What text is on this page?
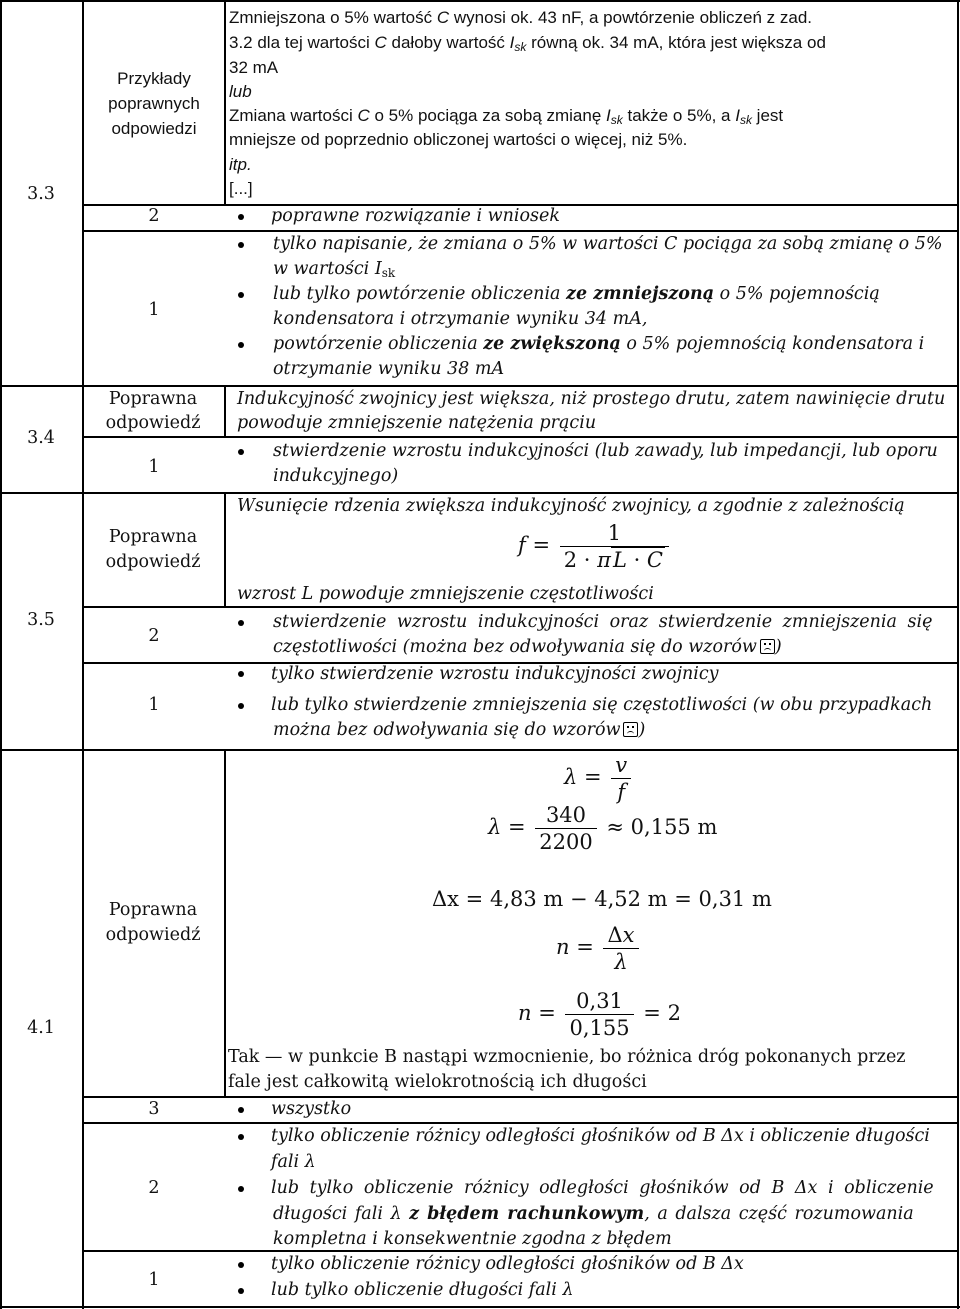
3.3
Przykłady poprawnych odpowiedzi
Zmniejszona o 5% wartość C wynosi ok. 43 nF, a powtórzenie obliczeń z zad.
3.2 dla tej wartości C dałoby wartość $I_{sk}$ równą ok. 34 mA, która jest większa od
32 mA
lub
Zmiana wartości C o 5% pociąga za sobą zmianę $I_{sk}$ także o 5%, a $I_{sk}$ jest
mniejsze od poprzednio obliczonej wartości o więcej, niż 5%.
itp.
[...]
2	poprawne rozwiązanie i wniosek
1
tylko napisanie, że zmiana o 5% w wartości C pociąga za sobą zmianę o 5%
w wartości $I_{sk}$
lub tylko powtórzenie obliczenia ze zmniejszoną o 5% pojemnością
kondensatora i otrzymanie wyniku 34 mA,
powtórzenie obliczenia ze zwiększoną o 5% pojemnością kondensatora i
otrzymanie wyniku 38 mA
3.4
Poprawna odpowiedź
Indukcyjność zwojnicy jest większa, niż prostego drutu, zatem nawinięcie drutu
powoduje zmniejszenie natężenia prąciu
1
stwierdzenie wzrostu indukcyjności (lub zawady, lub impedancji, lub oporu
indukcyjnego)
3.5
Poprawna odpowiedź
Wsunięcie rdzenia zwiększa indukcyjność zwojnicy, a zgodnie z zależnością
$f = \frac{1}{2 \cdot \pi L \cdot C}$
wzrost L powoduje zmniejszenie częstotliwości
2
stwierdzenie wzrostu indukcyjności oraz stwierdzenie zmniejszenia się
częstotliwości (można bez odwoływania się do wzorów )
1
tylko stwierdzenie wzrostu indukcyjności zwojnicy
lub tylko stwierdzenie zmniejszenia się częstotliwości (w obu przypadkach
można bez odwoływania się do wzorów )
4.1
Poprawna odpowiedź
$\lambda = \frac{v}{f}$
$\lambda = \frac{340}{2200} \approx 0,155$ m
Δx = 4,83 m − 4,52 m = 0,31 m
$n = \frac{\Delta x}{\lambda}$
$n = \frac{0,31}{0,155} = 2$
Tak — w punkcie B nastąpi wzmocnienie, bo różnica dróg pokonanych przez
fale jest całkowitą wielokrotnością ich długości
3	wszystko
2
tylko obliczenie różnicy odległości głośników od B Δx i obliczenie długości
fali λ
lub tylko obliczenie różnicy odległości głośników od B Δx i obliczenie
długości fali λ z błędem rachunkowym, a dalsza część rozumowania
kompletna i konsekwentnie zgodna z błędem
1
tylko obliczenie różnicy odległości głośników od B Δx
lub tylko obliczenie długości fali λ
